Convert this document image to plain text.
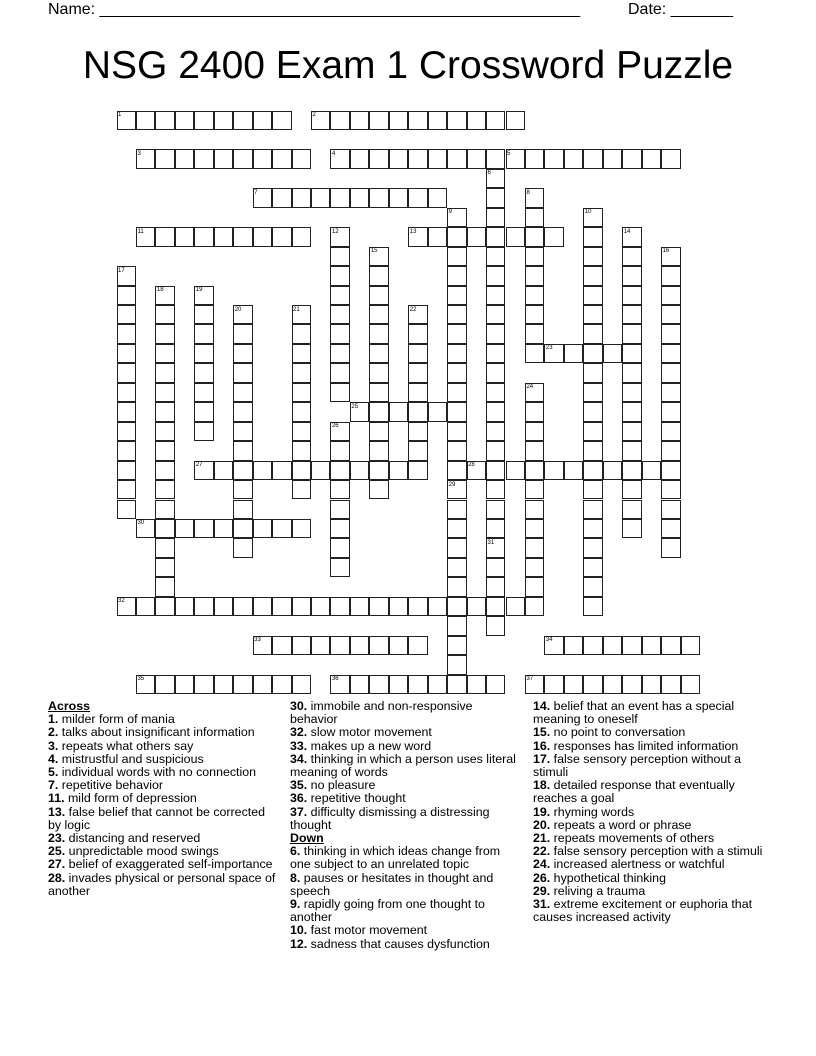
Name: ______________________________________________________	Date: _______
NSG 2400 Exam 1 Crossword Puzzle
1	2
3	4	5
6
7	8
9	10
11	12	13	14
15	16
17
18	19
20	21	22
23
24
25
26
27	28
29
30
31
32
33	34
35	36	37
Across
1. milder form of mania
2. talks about insignificant information
3. repeats what others say
4. mistrustful and suspicious
5. individual words with no connection
7. repetitive behavior
11. mild form of depression
13. false belief that cannot be corrected by logic
23. distancing and reserved
25. unpredictable mood swings
27. belief of exaggerated self-importance
28. invades physical or personal space of another
30. immobile and non-responsive behavior
32. slow motor movement
33. makes up a new word
34. thinking in which a person uses literal meaning of words
35. no pleasure
36. repetitive thought
37. difficulty dismissing a distressing thought
Down
6. thinking in which ideas change from one subject to an unrelated topic
8. pauses or hesitates in thought and speech
9. rapidly going from one thought to another
10. fast motor movement
12. sadness that causes dysfunction
14. belief that an event has a special meaning to oneself
15. no point to conversation
16. responses has limited information
17. false sensory perception without a stimuli
18. detailed response that eventually reaches a goal
19. rhyming words
20. repeats a word or phrase
21. repeats movements of others
22. false sensory perception with a stimuli
24. increased alertness or watchful
26. hypothetical thinking
29. reliving a trauma
31. extreme excitement or euphoria that causes increased activity
